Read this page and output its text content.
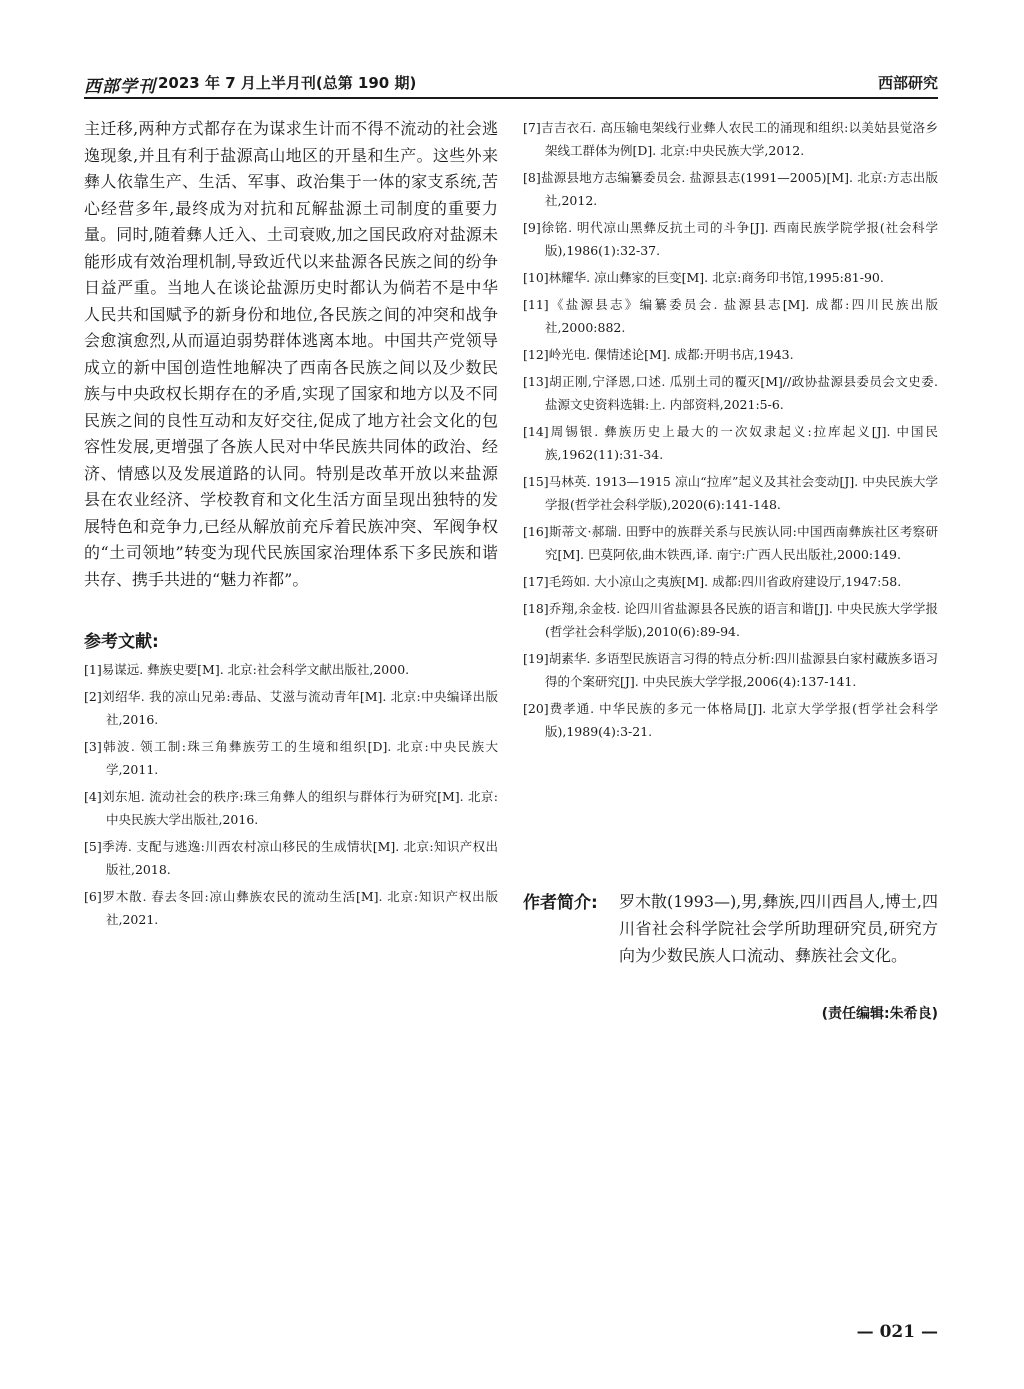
西部学刊 2023 年 7 月上半月刊(总第 190 期)	西部研究

主迁移,两种方式都存在为谋求生计而不得不流动的社会逃逸现象,并且有利于盐源高山地区的开垦和生产。这些外来彝人依靠生产、生活、军事、政治集于一体的家支系统,苦心经营多年,最终成为对抗和瓦解盐源土司制度的重要力量。同时,随着彝人迁入、土司衰败,加之国民政府对盐源未能形成有效治理机制,导致近代以来盐源各民族之间的纷争日益严重。当地人在谈论盐源历史时都认为倘若不是中华人民共和国赋予的新身份和地位,各民族之间的冲突和战争会愈演愈烈,从而逼迫弱势群体逃离本地。中国共产党领导成立的新中国创造性地解决了西南各民族之间以及少数民族与中央政权长期存在的矛盾,实现了国家和地方以及不同民族之间的良性互动和友好交往,促成了地方社会文化的包容性发展,更增强了各族人民对中华民族共同体的政治、经济、情感以及发展道路的认同。特别是改革开放以来盐源县在农业经济、学校教育和文化生活方面呈现出独特的发展特色和竞争力,已经从解放前充斥着民族冲突、军阀争权的“土司领地”转变为现代民族国家治理体系下多民族和谐共存、携手共进的“魅力祚都”。

参考文献:
[1]易谋远. 彝族史要[M]. 北京:社会科学文献出版社,2000.
[2]刘绍华. 我的凉山兄弟:毒品、艾滋与流动青年[M]. 北京:中央编译出版社,2016.
[3]韩波. 领工制:珠三角彝族劳工的生境和组织[D]. 北京:中央民族大学,2011.
[4]刘东旭. 流动社会的秩序:珠三角彝人的组织与群体行为研究[M]. 北京:中央民族大学出版社,2016.
[5]季涛. 支配与逃逸:川西农村凉山移民的生成情状[M]. 北京:知识产权出版社,2018.
[6]罗木散. 春去冬回:凉山彝族农民的流动生活[M]. 北京:知识产权出版社,2021.
[7]吉吉衣石. 高压输电架线行业彝人农民工的涌现和组织:以美姑县觉洛乡架线工群体为例[D]. 北京:中央民族大学,2012.
[8]盐源县地方志编纂委员会. 盐源县志(1991—2005)[M]. 北京:方志出版社,2012.
[9]徐铭. 明代凉山黑彝反抗土司的斗争[J]. 西南民族学院学报(社会科学版),1986(1):32-37.
[10]林耀华. 凉山彝家的巨变[M]. 北京:商务印书馆,1995:81-90.
[11]《盐源县志》编纂委员会. 盐源县志[M]. 成都:四川民族出版社,2000:882.
[12]岭光电. 倮情述论[M]. 成都:开明书店,1943.
[13]胡正刚,宁泽恩,口述. 瓜别土司的覆灭[M]//政协盐源县委员会文史委. 盐源文史资料选辑:上. 内部资料,2021:5-6.
[14]周锡银. 彝族历史上最大的一次奴隶起义:拉库起义[J]. 中国民族,1962(11):31-34.
[15]马林英. 1913—1915 凉山“拉库”起义及其社会变动[J]. 中央民族大学学报(哲学社会科学版),2020(6):141-148.
[16]斯蒂文·郝瑞. 田野中的族群关系与民族认同:中国西南彝族社区考察研究[M]. 巴莫阿依,曲木铁西,译. 南宁:广西人民出版社,2000:149.
[17]毛筠如. 大小凉山之夷族[M]. 成都:四川省政府建设厅,1947:58.
[18]乔翔,余金枝. 论四川省盐源县各民族的语言和谐[J]. 中央民族大学学报(哲学社会科学版),2010(6):89-94.
[19]胡素华. 多语型民族语言习得的特点分析:四川盐源县白家村藏族多语习得的个案研究[J]. 中央民族大学学报,2006(4):137-141.
[20]费孝通. 中华民族的多元一体格局[J]. 北京大学学报(哲学社会科学版),1989(4):3-21.
作者简介: 罗木散(1993—),男,彝族,四川西昌人,博士,四川省社会科学院社会学所助理研究员,研究方向为少数民族人口流动、彝族社会文化。

(责任编辑:朱希良)
— 021 —
